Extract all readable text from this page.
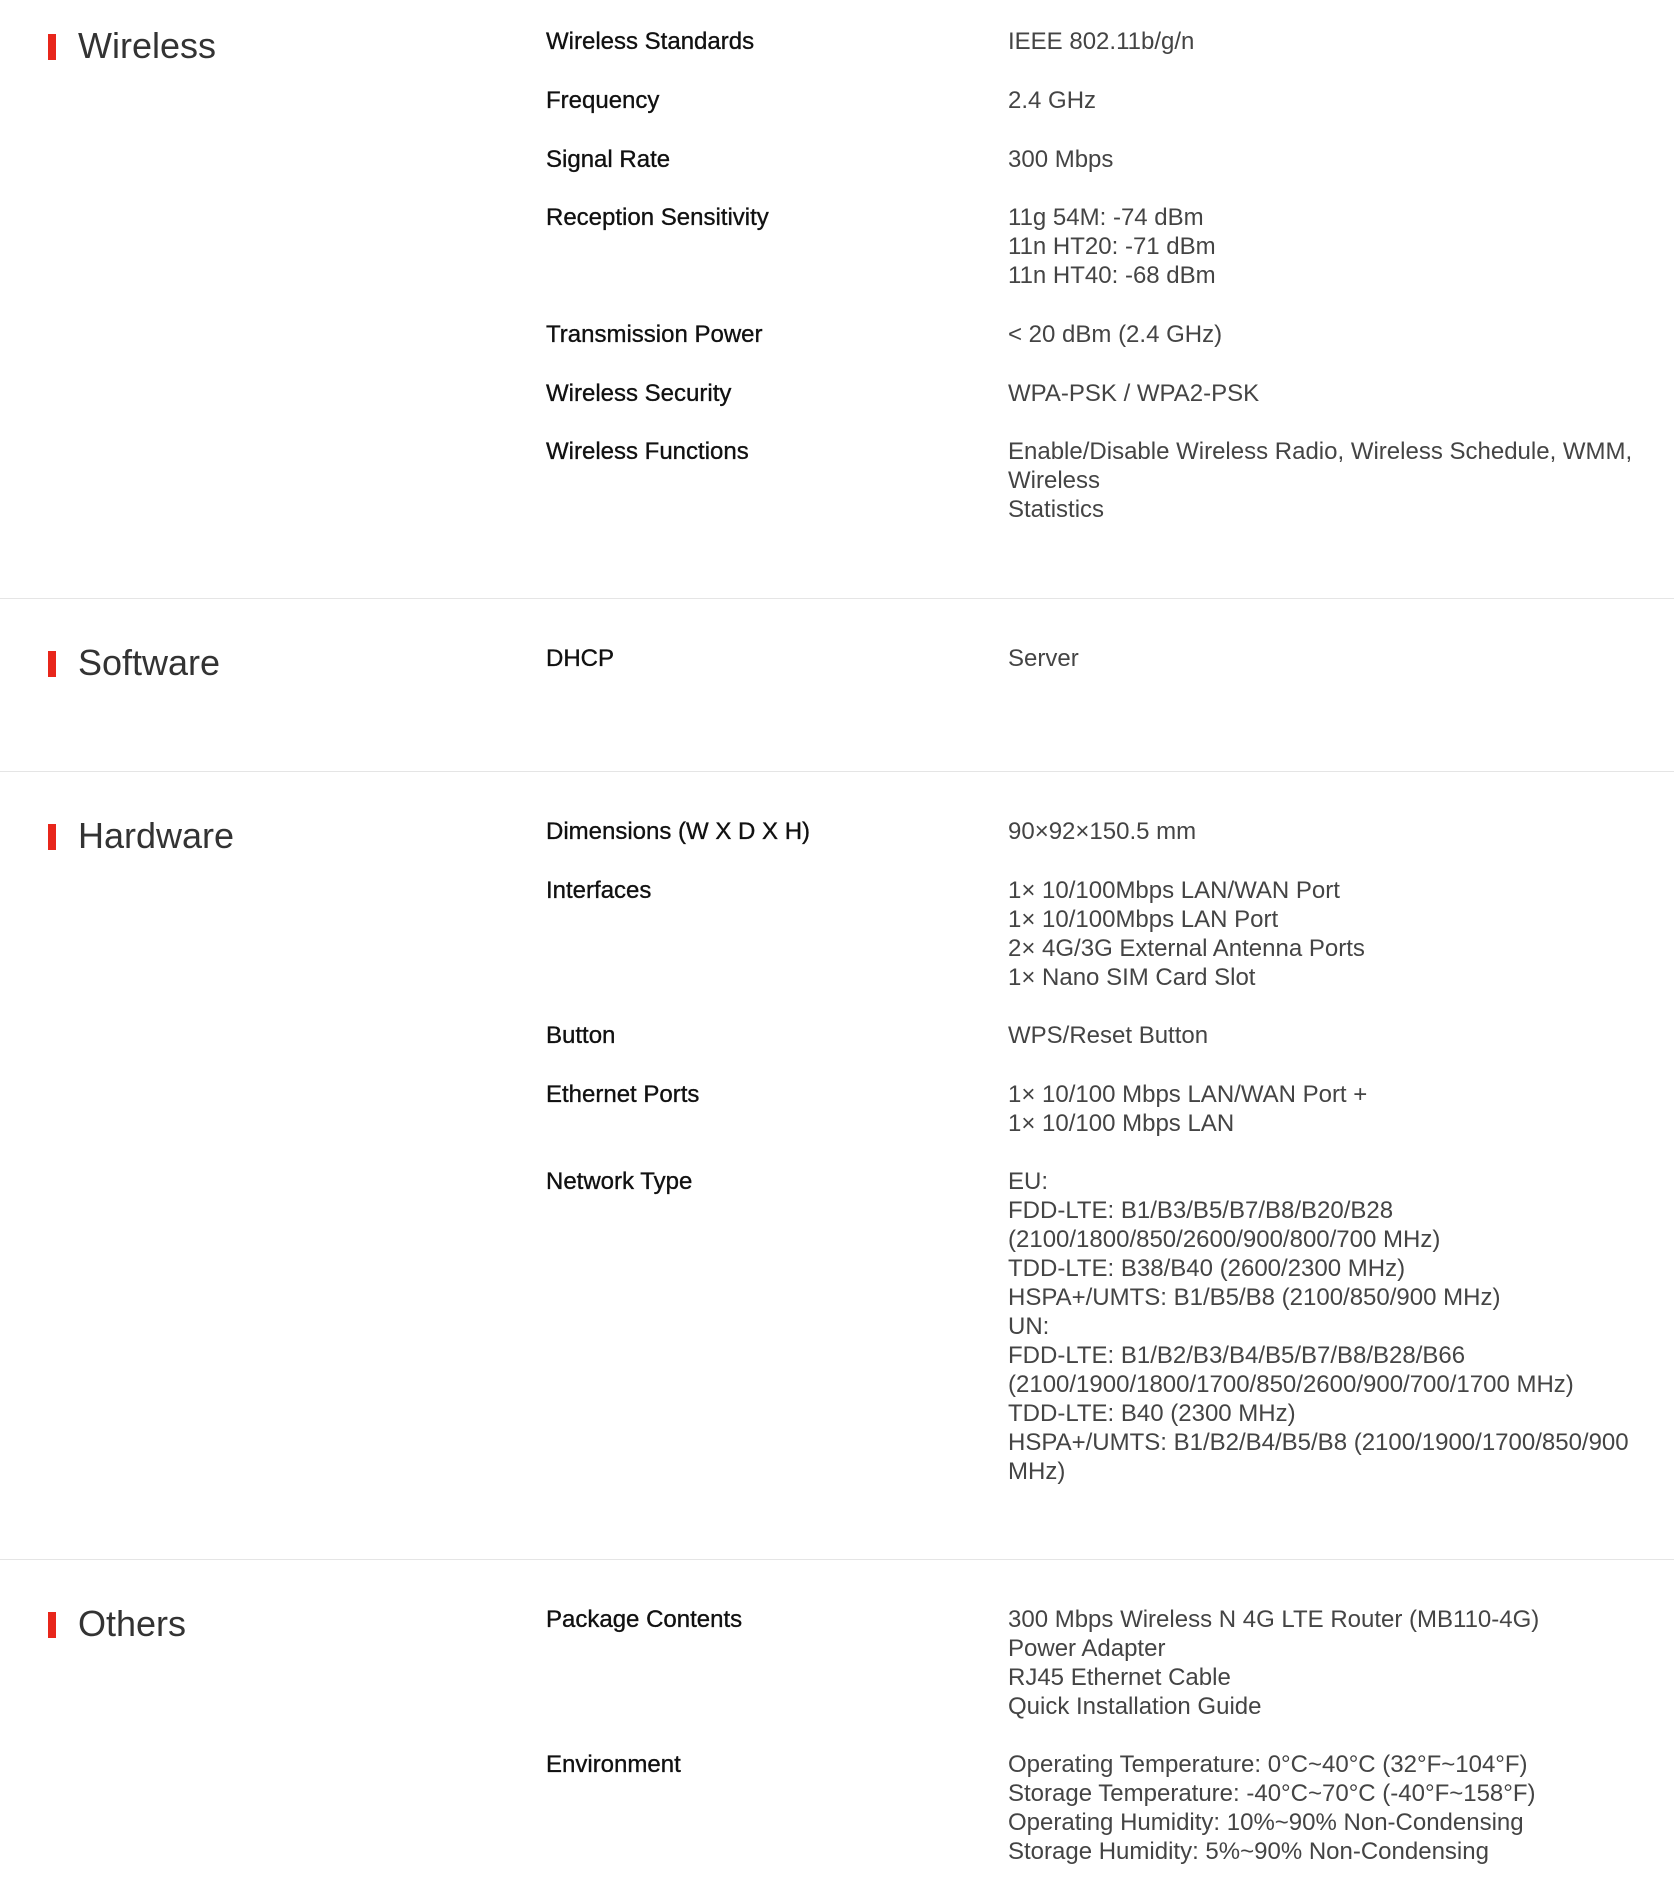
Wireless	Wireless Standards	IEEE 802.11b/g/n
Frequency	2.4 GHz
Signal Rate	300 Mbps
Reception Sensitivity	11g 54M: -74 dBm
11n HT20: -71 dBm
11n HT40: -68 dBm
Transmission Power	< 20 dBm (2.4 GHz)
Wireless Security	WPA-PSK / WPA2-PSK
Wireless Functions	Enable/Disable Wireless Radio, Wireless Schedule, WMM,
Wireless
Statistics
Software	DHCP	Server
Hardware	Dimensions (W X D X H)	90×92×150.5 mm
Interfaces	1× 10/100Mbps LAN/WAN Port
1× 10/100Mbps LAN Port
2× 4G/3G External Antenna Ports
1× Nano SIM Card Slot
Button	WPS/Reset Button
Ethernet Ports	1× 10/100 Mbps LAN/WAN Port +
1× 10/100 Mbps LAN
Network Type	EU:
FDD-LTE: B1/B3/B5/B7/B8/B20/B28
(2100/1800/850/2600/900/800/700 MHz)
TDD-LTE: B38/B40 (2600/2300 MHz)
HSPA+/UMTS: B1/B5/B8 (2100/850/900 MHz)
UN:
FDD-LTE: B1/B2/B3/B4/B5/B7/B8/B28/B66
(2100/1900/1800/1700/850/2600/900/700/1700 MHz)
TDD-LTE: B40 (2300 MHz)
HSPA+/UMTS: B1/B2/B4/B5/B8 (2100/1900/1700/850/900
MHz)
Others	Package Contents	300 Mbps Wireless N 4G LTE Router (MB110-4G)
Power Adapter
RJ45 Ethernet Cable
Quick Installation Guide
Environment	Operating Temperature: 0°C~40°C (32°F~104°F)
Storage Temperature: -40°C~70°C (-40°F~158°F)
Operating Humidity: 10%~90% Non-Condensing
Storage Humidity: 5%~90% Non-Condensing
